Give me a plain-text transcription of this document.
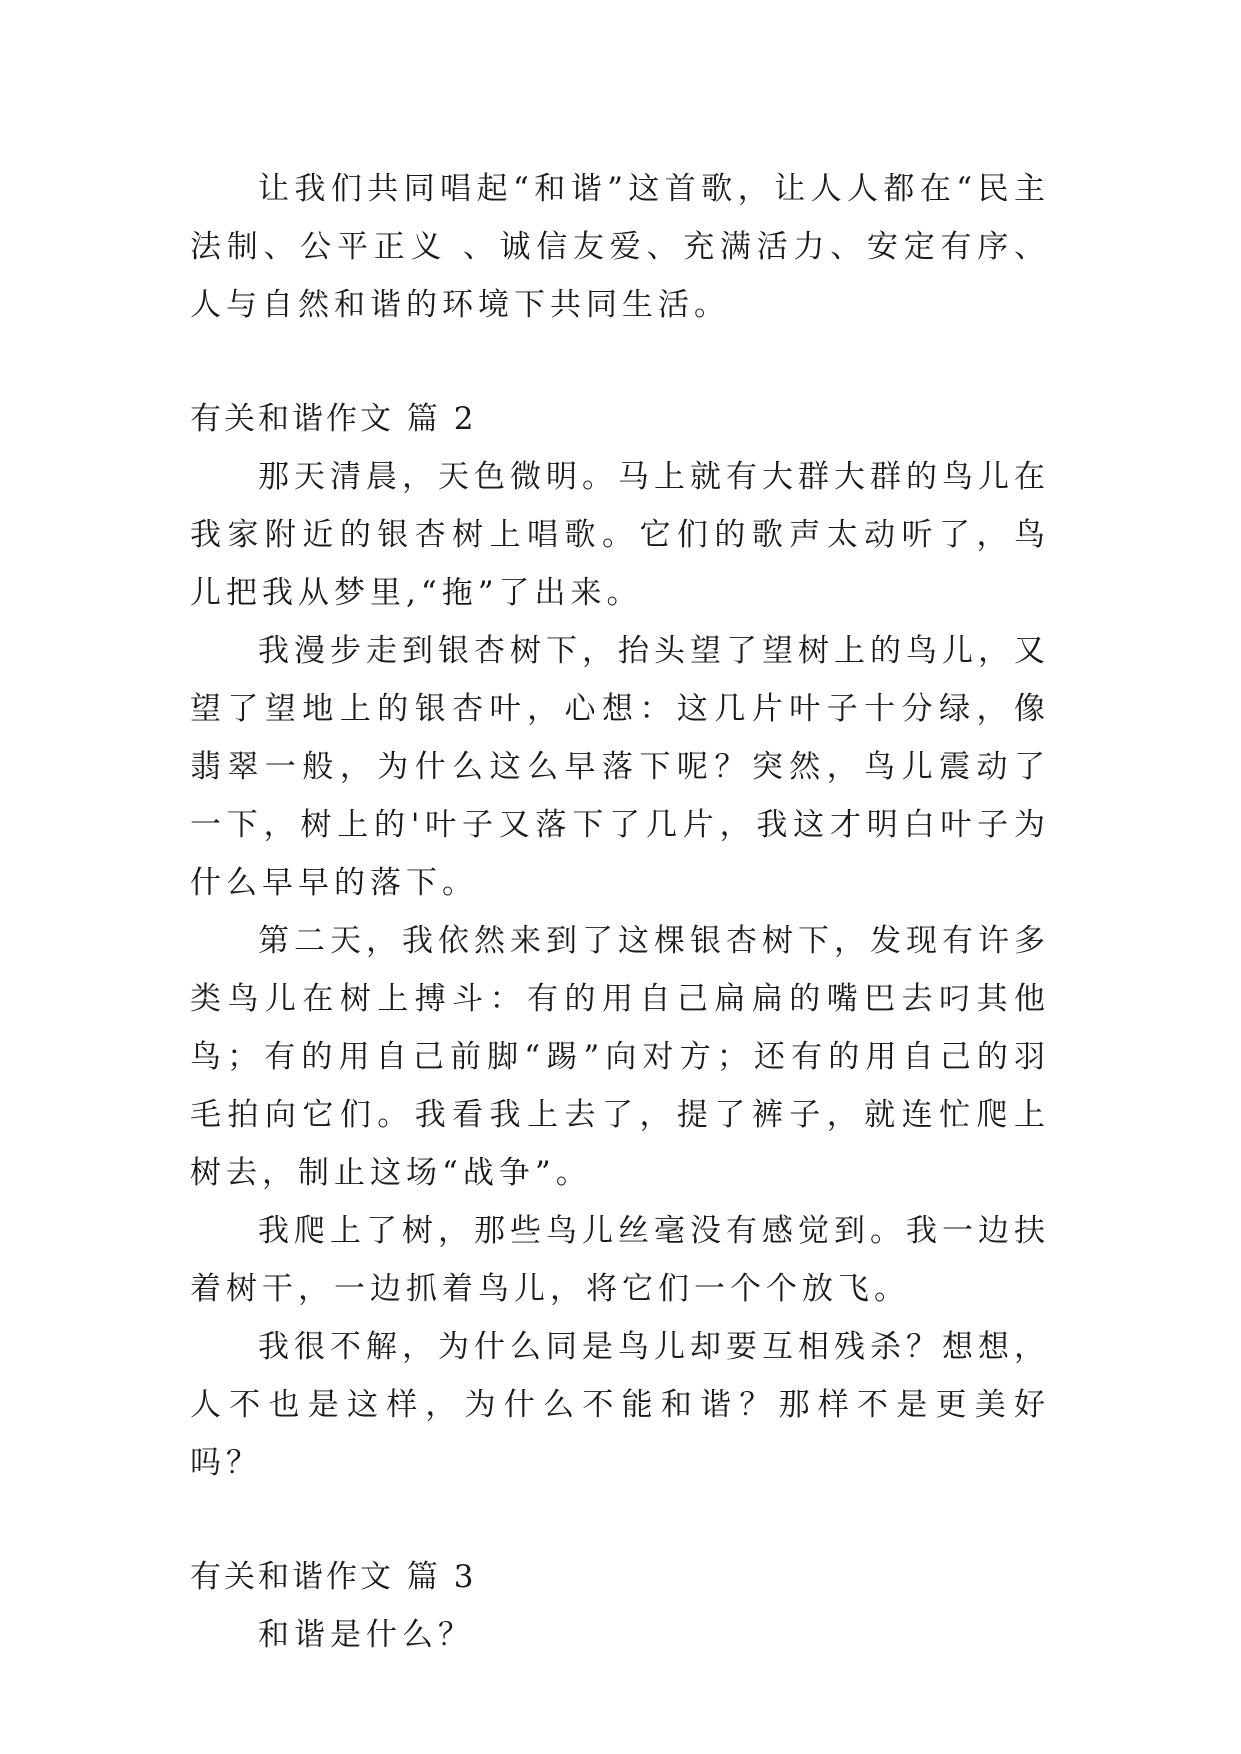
让我们共同唱起“和谐”这首歌，让人人都在“民主法制、公平正义 、诚信友爱、充满活力、安定有序、人与自然和谐的环境下共同生活。

有关和谐作文 篇 2

那天清晨，天色微明。马上就有大群大群的鸟儿在我家附近的银杏树上唱歌。它们的歌声太动听了，鸟儿把我从梦里,“拖”了出来。

我漫步走到银杏树下，抬头望了望树上的鸟儿，又望了望地上的银杏叶，心想：这几片叶子十分绿，像翡翠一般，为什么这么早落下呢？突然，鸟儿震动了一下，树上的'叶子又落下了几片，我这才明白叶子为什么早早的落下。

第二天，我依然来到了这棵银杏树下，发现有许多类鸟儿在树上搏斗：有的用自己扁扁的嘴巴去叼其他鸟；有的用自己前脚“踢”向对方；还有的用自己的羽毛拍向它们。我看我上去了，提了裤子，就连忙爬上树去，制止这场“战争”。

我爬上了树，那些鸟儿丝毫没有感觉到。我一边扶着树干，一边抓着鸟儿，将它们一个个放飞。

我很不解，为什么同是鸟儿却要互相残杀？想想，人不也是这样，为什么不能和谐？那样不是更美好吗？

有关和谐作文 篇 3

和谐是什么？
